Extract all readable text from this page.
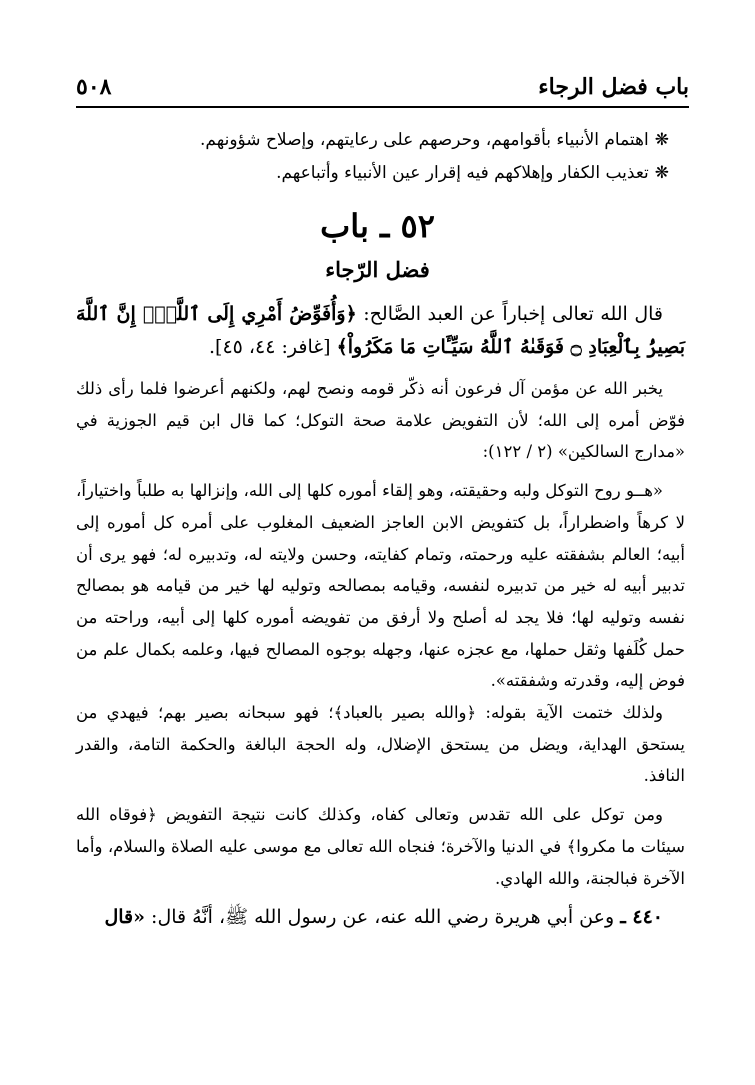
باب فضل الرجاء
٥٠٨
❋اهتمام الأنبياء بأقوامهم، وحرصهم على رعايتهم، وإصلاح شؤونهم.
❋تعذيب الكفار وإهلاكهم فيه إقرار عين الأنبياء وأتباعهم.
٥٢ ـ باب
فضل الرّجاء

قال الله تعالى إخباراً عن العبد الصَّالح: ﴿وَأُفَوِّضُ أَمْرِي إِلَى ٱللَّهِۚ إِنَّ ٱللَّهَ بَصِيرُۢ بِٱلْعِبَادِ ۝ فَوَقَىٰهُ ٱللَّهُ سَيِّـَٔاتِ مَا مَكَرُواْ﴾ [غافر: ٤٤، ٤٥].

يخبر الله عن مؤمن آل فرعون أنه ذكّر قومه ونصح لهم، ولكنهم أعرضوا فلما رأى ذلك فوّض أمره إلى الله؛ لأن التفويض علامة صحة التوكل؛ كما قال ابن قيم الجوزية في «مدارج السالكين» (٢ / ١٢٢):

«هــو روح التوكل ولبه وحقيقته، وهو إلقاء أموره كلها إلى الله، وإنزالها به طلباً واختياراً، لا كرهاً واضطراراً، بل كتفويض الابن العاجز الضعيف المغلوب على أمره كل أموره إلى أبيه؛ العالم بشفقته عليه ورحمته، وتمام كفايته، وحسن ولايته له، وتدبيره له؛ فهو يرى أن تدبير أبيه له خير من تدبيره لنفسه، وقيامه بمصالحه وتوليه لها خير من قيامه هو بمصالح نفسه وتوليه لها؛ فلا يجد له أصلح ولا أرفق من تفويضه أموره كلها إلى أبيه، وراحته من حمل كُلَفها وثقل حملها، مع عجزه عنها، وجهله بوجوه المصالح فيها، وعلمه بكمال علم من فوض إليه، وقدرته وشفقته».

ولذلك ختمت الآية بقوله: ﴿والله بصير بالعباد﴾؛ فهو سبحانه بصير بهم؛ فيهدي من يستحق الهداية، ويضل من يستحق الإضلال، وله الحجة البالغة والحكمة التامة، والقدر النافذ.

ومن توكل على الله تقدس وتعالى كفاه، وكذلك كانت نتيجة التفويض ﴿فوقاه الله سيئات ما مكروا﴾ في الدنيا والآخرة؛ فنجاه الله تعالى مع موسى عليه الصلاة والسلام، وأما الآخرة فبالجنة، والله الهادي.

٤٤٠ ـ وعن أبي هريرة رضي الله عنه، عن رسول الله ﷺ، أنَّهُ قال: «قال
